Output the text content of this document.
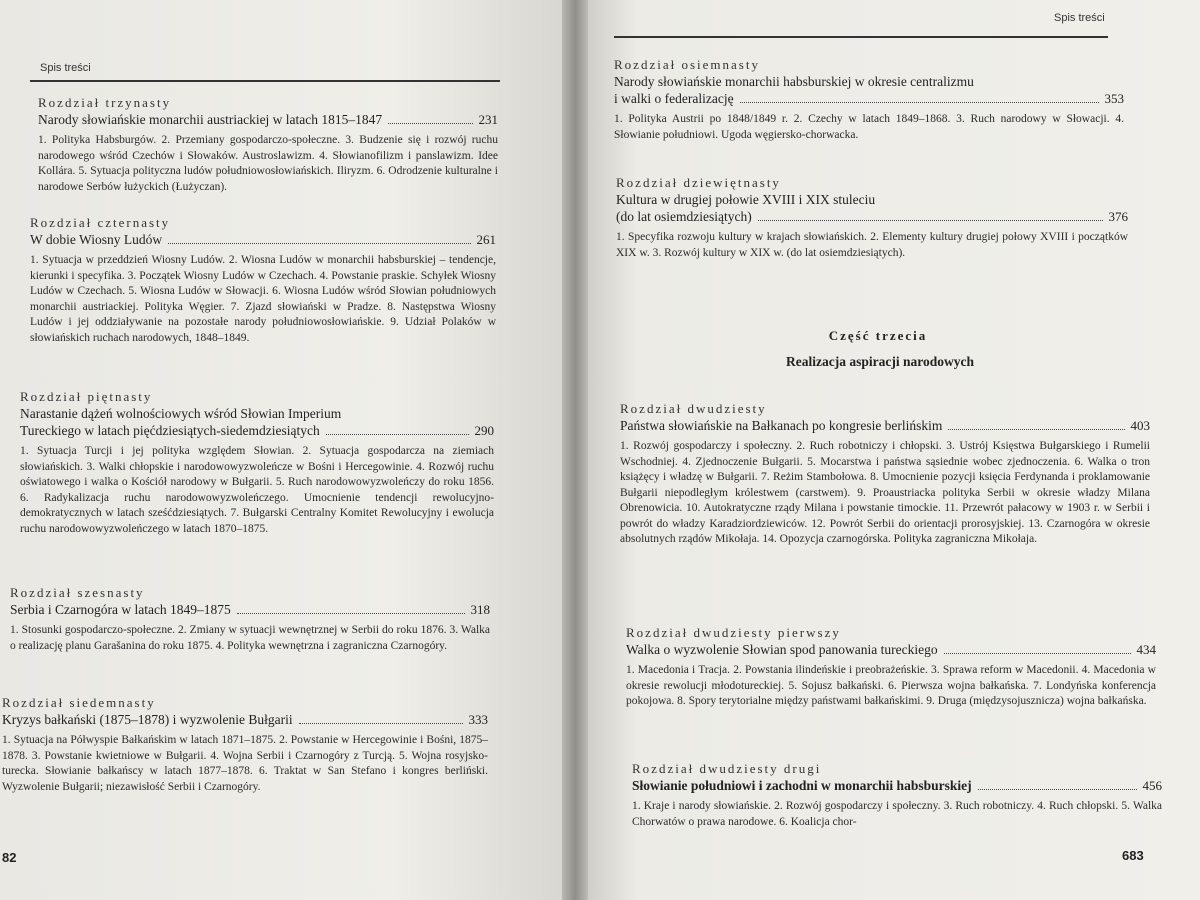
Spis treści

Rozdział trzynasty

Narody słowiańskie monarchii austriackiej w latach 1815–1847	231
1. Polityka Habsburgów. 2. Przemiany gospodarczo-społeczne. 3. Budzenie się i rozwój ruchu narodowego wśród Czechów i Słowaków. Austroslawizm. 4. Słowianofilizm i panslawizm. Idee Kollára. 5. Sytuacja polityczna ludów południowosłowiańskich. Iliryzm. 6. Odrodzenie kulturalne i narodowe Serbów łużyckich (Łużyczan).

Rozdział czternasty

W dobie Wiosny Ludów	261
1. Sytuacja w przeddzień Wiosny Ludów. 2. Wiosna Ludów w monarchii habsburskiej – tendencje, kierunki i specyfika. 3. Początek Wiosny Ludów w Czechach. 4. Powstanie praskie. Schyłek Wiosny Ludów w Czechach. 5. Wiosna Ludów w Słowacji. 6. Wiosna Ludów wśród Słowian południowych monarchii austriackiej. Polityka Węgier. 7. Zjazd słowiański w Pradze. 8. Następstwa Wiosny Ludów i jej oddziaływanie na pozostałe narody południowosłowiańskie. 9. Udział Polaków w słowiańskich ruchach narodowych, 1848–1849.

Rozdział piętnasty

Narastanie dążeń wolnościowych wśród Słowian Imperium
Tureckiego w latach pięćdziesiątych-siedemdziesiątych	290
1. Sytuacja Turcji i jej polityka względem Słowian. 2. Sytuacja gospodarcza na ziemiach słowiańskich. 3. Walki chłopskie i narodowowyzwoleńcze w Bośni i Hercegowinie. 4. Rozwój ruchu oświatowego i walka o Kościół narodowy w Bułgarii. 5. Ruch narodowowyzwoleńczy do roku 1856. 6. Radykalizacja ruchu narodowowyzwoleńczego. Umocnienie tendencji rewolucyjno-demokratycznych w latach sześćdziesiątych. 7. Bułgarski Centralny Komitet Rewolucyjny i ewolucja ruchu narodowowyzwoleńczego w latach 1870–1875.

Rozdział szesnasty

Serbia i Czarnogóra w latach 1849–1875	318
1. Stosunki gospodarczo-społeczne. 2. Zmiany w sytuacji wewnętrznej w Serbii do roku 1876. 3. Walka o realizację planu Garašanina do roku 1875. 4. Polityka wewnętrzna i zagraniczna Czarnogóry.

Rozdział siedemnasty

Kryzys bałkański (1875–1878) i wyzwolenie Bułgarii	333
1. Sytuacja na Półwyspie Bałkańskim w latach 1871–1875. 2. Powstanie w Hercegowinie i Bośni, 1875–1878. 3. Powstanie kwietniowe w Bułgarii. 4. Wojna Serbii i Czarnogóry z Turcją. 5. Wojna rosyjsko-turecka. Słowianie bałkańscy w latach 1877–1878. 6. Traktat w San Stefano i kongres berliński. Wyzwolenie Bułgarii; niezawisłość Serbii i Czarnogóry.
82
Spis treści

Rozdział osiemnasty

Narody słowiańskie monarchii habsburskiej w okresie centralizmu
i walki o federalizację	353
1. Polityka Austrii po 1848/1849 r. 2. Czechy w latach 1849–1868. 3. Ruch narodowy w Słowacji. 4. Słowianie południowi. Ugoda węgiersko-chorwacka.

Rozdział dziewiętnasty

Kultura w drugiej połowie XVIII i XIX stuleciu
(do lat osiemdziesiątych)	376
1. Specyfika rozwoju kultury w krajach słowiańskich. 2. Elementy kultury drugiej połowy XVIII i początków XIX w. 3. Rozwój kultury w XIX w. (do lat osiemdziesiątych).
Część trzecia
Realizacja aspiracji narodowych

Rozdział dwudziesty

Państwa słowiańskie na Bałkanach po kongresie berlińskim	403
1. Rozwój gospodarczy i społeczny. 2. Ruch robotniczy i chłopski. 3. Ustrój Księstwa Bułgarskiego i Rumelii Wschodniej. 4. Zjednoczenie Bułgarii. 5. Mocarstwa i państwa sąsiednie wobec zjednoczenia. 6. Walka o tron książęcy i władzę w Bułgarii. 7. Reżim Stambołowa. 8. Umocnienie pozycji księcia Ferdynanda i proklamowanie Bułgarii niepodległym królestwem (carstwem). 9. Proaustriacka polityka Serbii w okresie władzy Milana Obrenowicia. 10. Autokratyczne rządy Milana i powstanie timockie. 11. Przewrót pałacowy w 1903 r. w Serbii i powrót do władzy Karadziordziewiców. 12. Powrót Serbii do orientacji prorosyjskiej. 13. Czarnogóra w okresie absolutnych rządów Mikołaja. 14. Opozycja czarnogórska. Polityka zagraniczna Mikołaja.

Rozdział dwudziesty pierwszy

Walka o wyzwolenie Słowian spod panowania tureckiego	434
1. Macedonia i Tracja. 2. Powstania ilindeńskie i preobrażeńskie. 3. Sprawa reform w Macedonii. 4. Macedonia w okresie rewolucji młodotureckiej. 5. Sojusz bałkański. 6. Pierwsza wojna bałkańska. 7. Londyńska konferencja pokojowa. 8. Spory terytorialne między państwami bałkańskimi. 9. Druga (międzysojusznicza) wojna bałkańska.

Rozdział dwudziesty drugi

Słowianie południowi i zachodni w monarchii habsburskiej	456
1. Kraje i narody słowiańskie. 2. Rozwój gospodarczy i społeczny. 3. Ruch robotniczy. 4. Ruch chłopski. 5. Walka Chorwatów o prawa narodowe. 6. Koalicja chor-
683
